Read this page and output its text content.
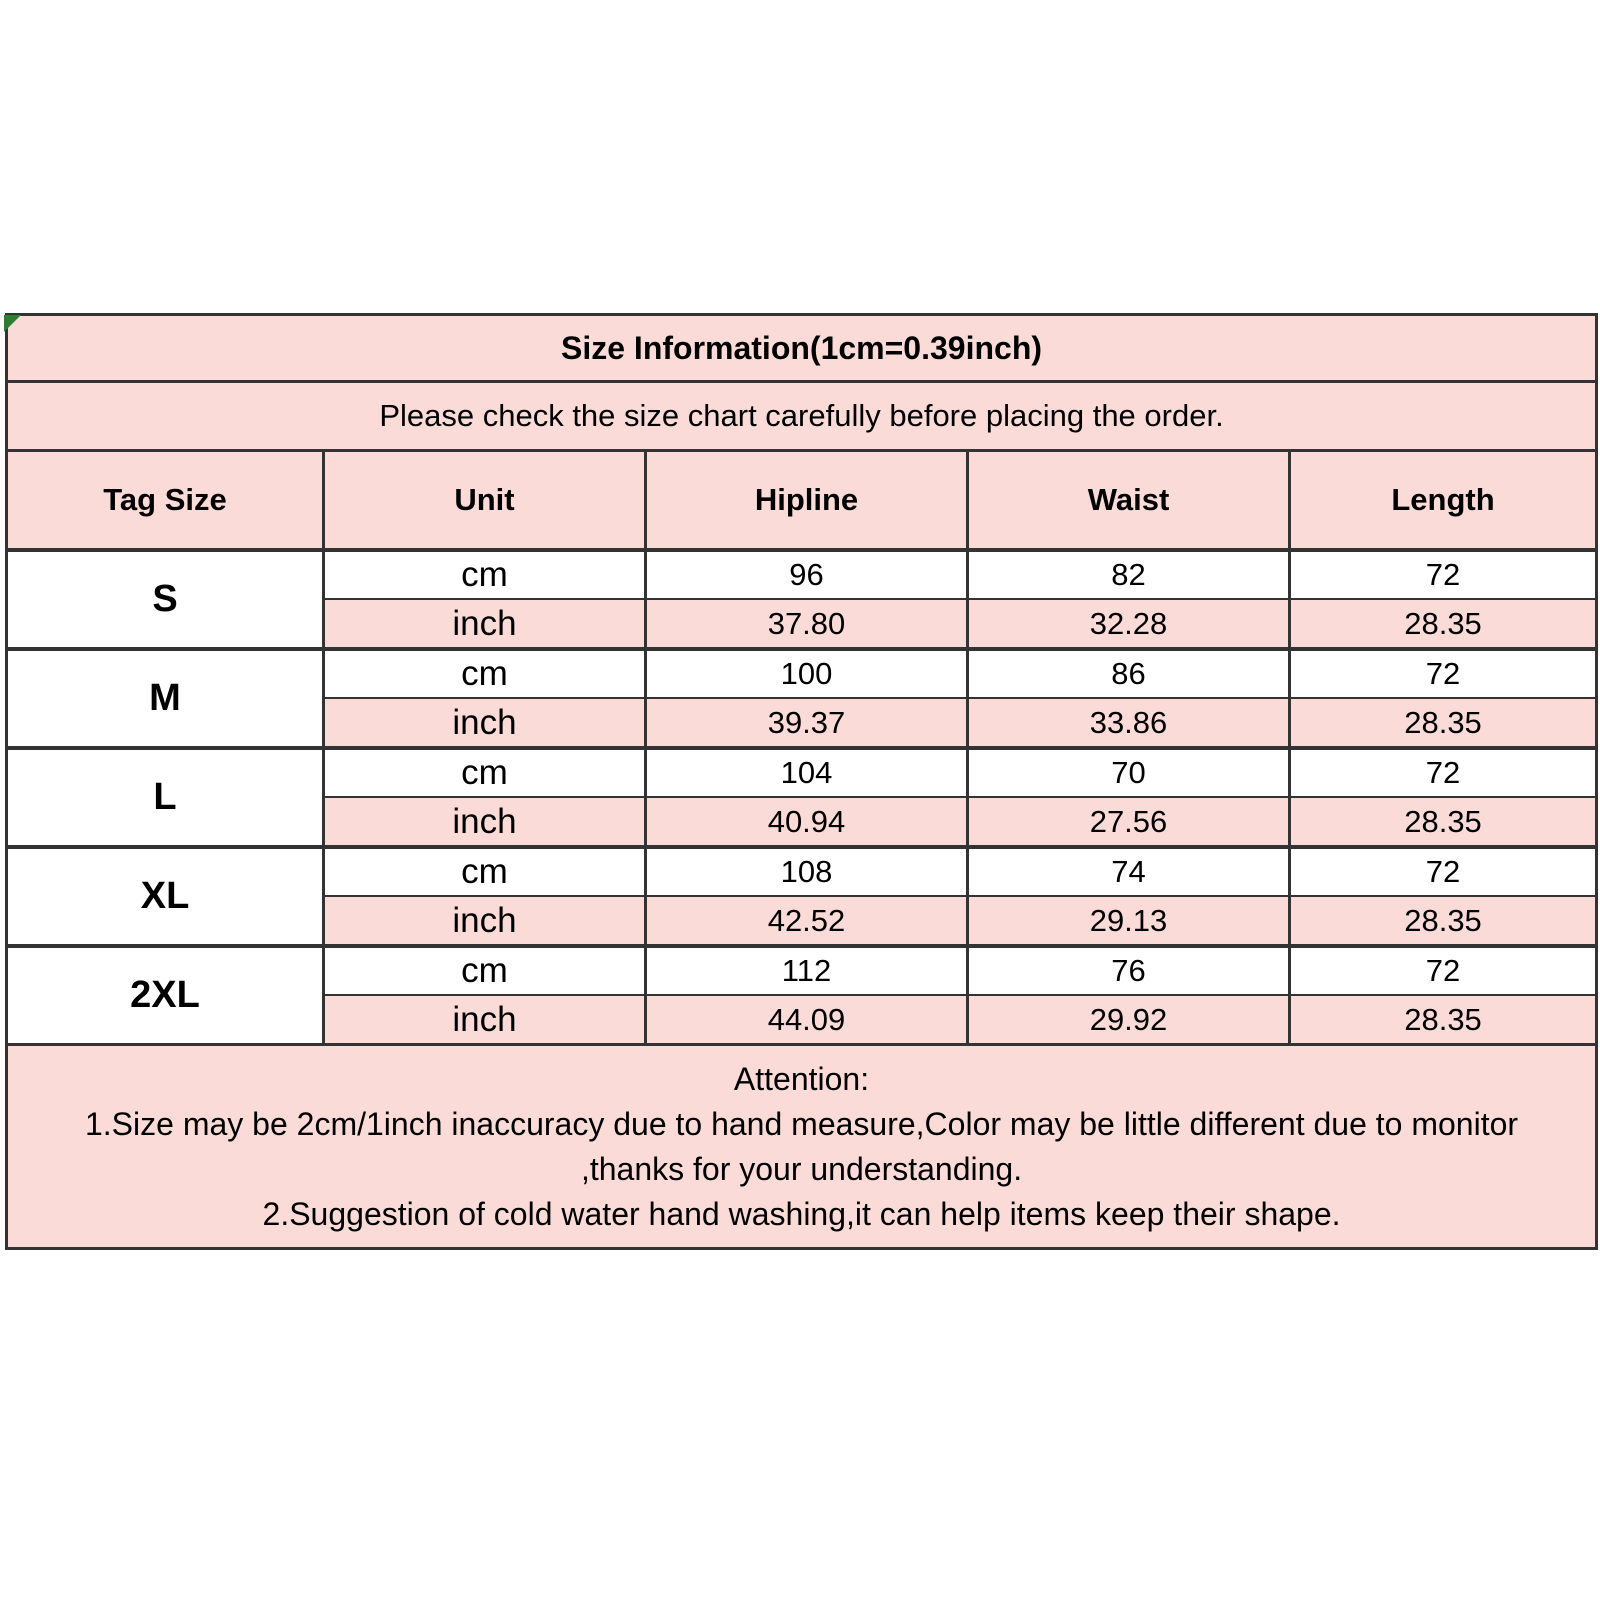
Size Information(1cm=0.39inch)				
Please check the size chart carefully before placing the order.				
Tag Size	Unit	Hipline	Waist	Length
S	cm	96	82	72
	inch	37.80	32.28	28.35
M	cm	100	86	72
	inch	39.37	33.86	28.35
L	cm	104	70	72
	inch	40.94	27.56	28.35
XL	cm	108	74	72
	inch	42.52	29.13	28.35
2XL	cm	112	76	72
	inch	44.09	29.92	28.35

Attention:
1.Size may be 2cm/1inch inaccuracy due to hand measure,Color may be little different due to monitor
,thanks for your understanding.
2.Suggestion of cold water hand washing,it can help items keep their shape.				
